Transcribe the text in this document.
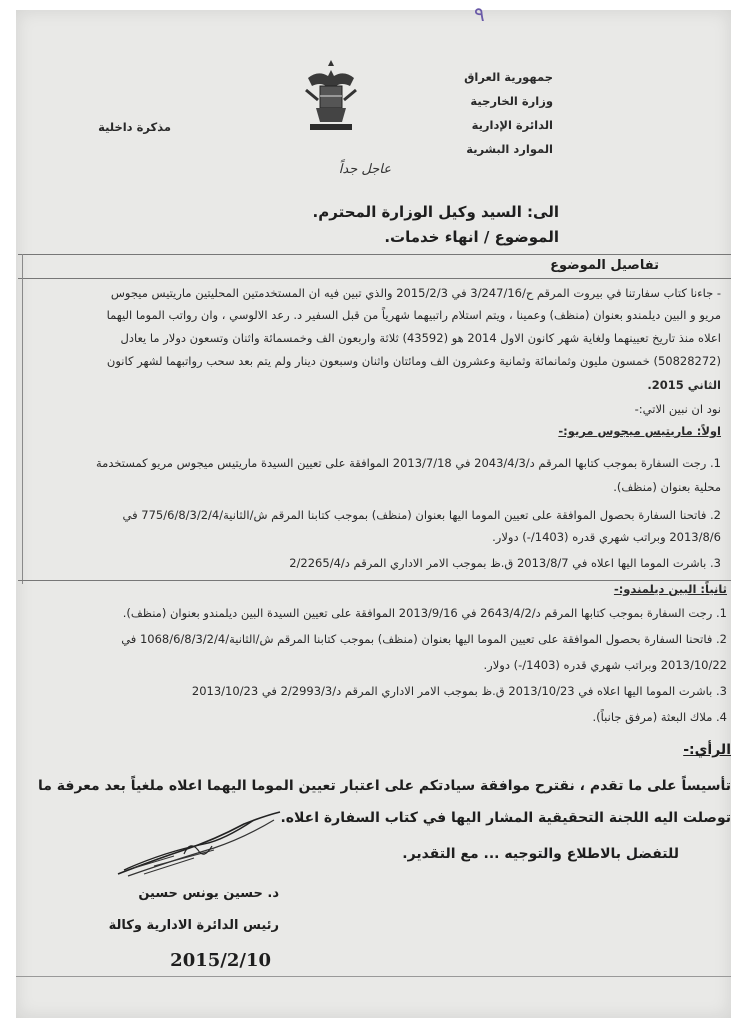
٩
جمهورية العراق
وزارة الخارجية
الدائرة الإدارية
الموارد البشرية
مذكرة داخلية
عاجل جداً
الى: السيد وكيل الوزارة المحترم.
الموضوع / انهاء خدمات.
تفاصيل الموضوع
- جاءنا كتاب سفارتنا في بيروت المرقم ح/3/247/16 في 2015/2/3 والذي تبين فيه ان المستخدمتين المحليتين ماريتيس ميجوس
مريو و البين ديلمندو بعنوان (منظف) وعمينا ، ويتم استلام راتبيهما شهرياً من قبل السفير د. رعد الالوسي ، وان رواتب الموما اليهما
اعلاه منذ تاريخ تعيينهما ولغاية شهر كانون الاول 2014 هو (43592) ثلاثة واربعون الف وخمسمائة واثنان وتسعون دولار ما يعادل
(50828272) خمسون مليون وثمانمائة وثمانية وعشرون الف ومائتان واثنان وسبعون دينار ولم يتم بعد سحب رواتبهما لشهر كانون
الثاني 2015.
نود ان نبين الاتي:-
اولاً: ماريتيس ميجوس مريو:-
1. رجت السفارة بموجب كتابها المرقم د/2043/4/3 في 2013/7/18 الموافقة على تعيين السيدة ماريتيس ميجوس مريو كمستخدمة
محلية بعنوان (منظف).
2. فاتحنا السفارة بحصول الموافقة على تعيين الموما اليها بعنوان (منظف) بموجب كتابنا المرقم ش/الثانية/775/6/8/3/2/4 في
2013/8/6 وبراتب شهري قدره (1403/-) دولار.
3. باشرت الموما اليها اعلاه في 2013/8/7 ق.ظ بموجب الامر الاداري المرقم د/2/2265/4
ثانياً: البين ديلمندو:-
1. رجت السفارة بموجب كتابها المرقم د/2643/4/2 في 2013/9/16 الموافقة على تعيين السيدة البين ديلمندو بعنوان (منظف).
2. فاتحنا السفارة بحصول الموافقة على تعيين الموما اليها بعنوان (منظف) بموجب كتابنا المرقم ش/الثانية/1068/6/8/3/2/4 في
2013/10/22 وبراتب شهري قدره (1403/-) دولار.
3. باشرت الموما اليها اعلاه في 2013/10/23 ق.ظ بموجب الامر الاداري المرقم د/2/2993/3 في 2013/10/23
4. ملاك البعثة (مرفق جانباً).
الرأي:-
تأسيساً على ما تقدم ، نقترح موافقة سيادتكم على اعتبار تعيين الموما اليهما اعلاه ملغياً بعد معرفة ما
توصلت اليه اللجنة التحقيقية المشار اليها في كتاب السفارة اعلاه.
للتفضل بالاطلاع والتوجيه ... مع التقدير.
د. حسين يونس حسين
رئيس الدائرة الادارية وكالة
2015/2/10
